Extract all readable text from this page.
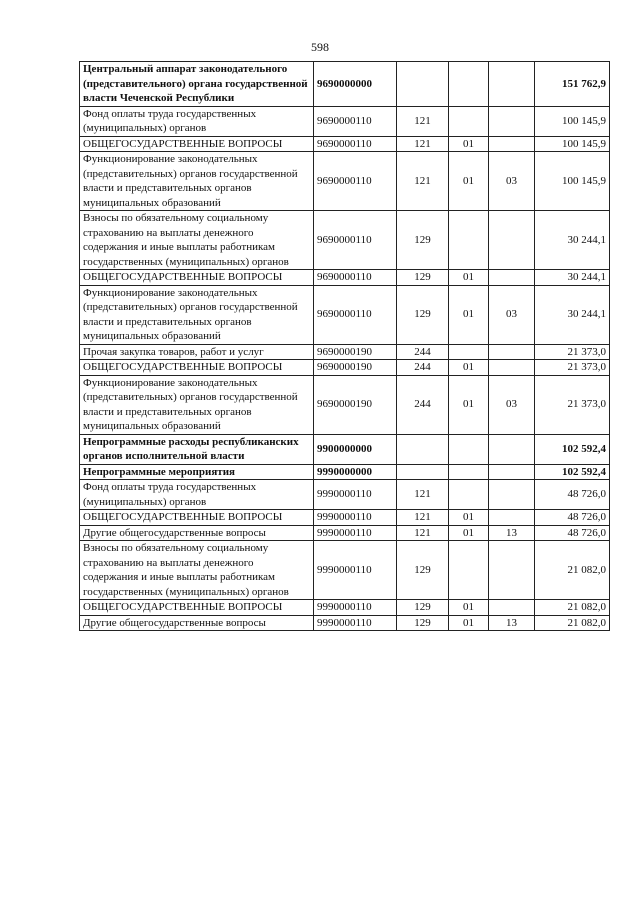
598
Центральный аппарат законодательного (представительного) органа государственной власти Чеченской Республики	9690000000				151 762,9
Фонд оплаты труда государственных (муниципальных) органов	9690000110	121			100 145,9
ОБЩЕГОСУДАРСТВЕННЫЕ ВОПРОСЫ	9690000110	121	01		100 145,9
Функционирование законодательных (представительных) органов государственной власти и представительных органов муниципальных образований	9690000110	121	01	03	100 145,9
Взносы по обязательному социальному страхованию на выплаты денежного содержания и иные выплаты работникам государственных (муниципальных) органов	9690000110	129			30 244,1
ОБЩЕГОСУДАРСТВЕННЫЕ ВОПРОСЫ	9690000110	129	01		30 244,1
Функционирование законодательных (представительных) органов государственной власти и представительных органов муниципальных образований	9690000110	129	01	03	30 244,1
Прочая закупка товаров, работ и услуг	9690000190	244			21 373,0
ОБЩЕГОСУДАРСТВЕННЫЕ ВОПРОСЫ	9690000190	244	01		21 373,0
Функционирование законодательных (представительных) органов государственной власти и представительных органов муниципальных образований	9690000190	244	01	03	21 373,0
Непрограммные расходы республиканских органов исполнительной власти	9900000000				102 592,4
Непрограммные мероприятия	9990000000				102 592,4
Фонд оплаты труда государственных (муниципальных) органов	9990000110	121			48 726,0
ОБЩЕГОСУДАРСТВЕННЫЕ ВОПРОСЫ	9990000110	121	01		48 726,0
Другие общегосударственные вопросы	9990000110	121	01	13	48 726,0
Взносы по обязательному социальному страхованию на выплаты денежного содержания и иные выплаты работникам государственных (муниципальных) органов	9990000110	129			21 082,0
ОБЩЕГОСУДАРСТВЕННЫЕ ВОПРОСЫ	9990000110	129	01		21 082,0
Другие общегосударственные вопросы	9990000110	129	01	13	21 082,0
